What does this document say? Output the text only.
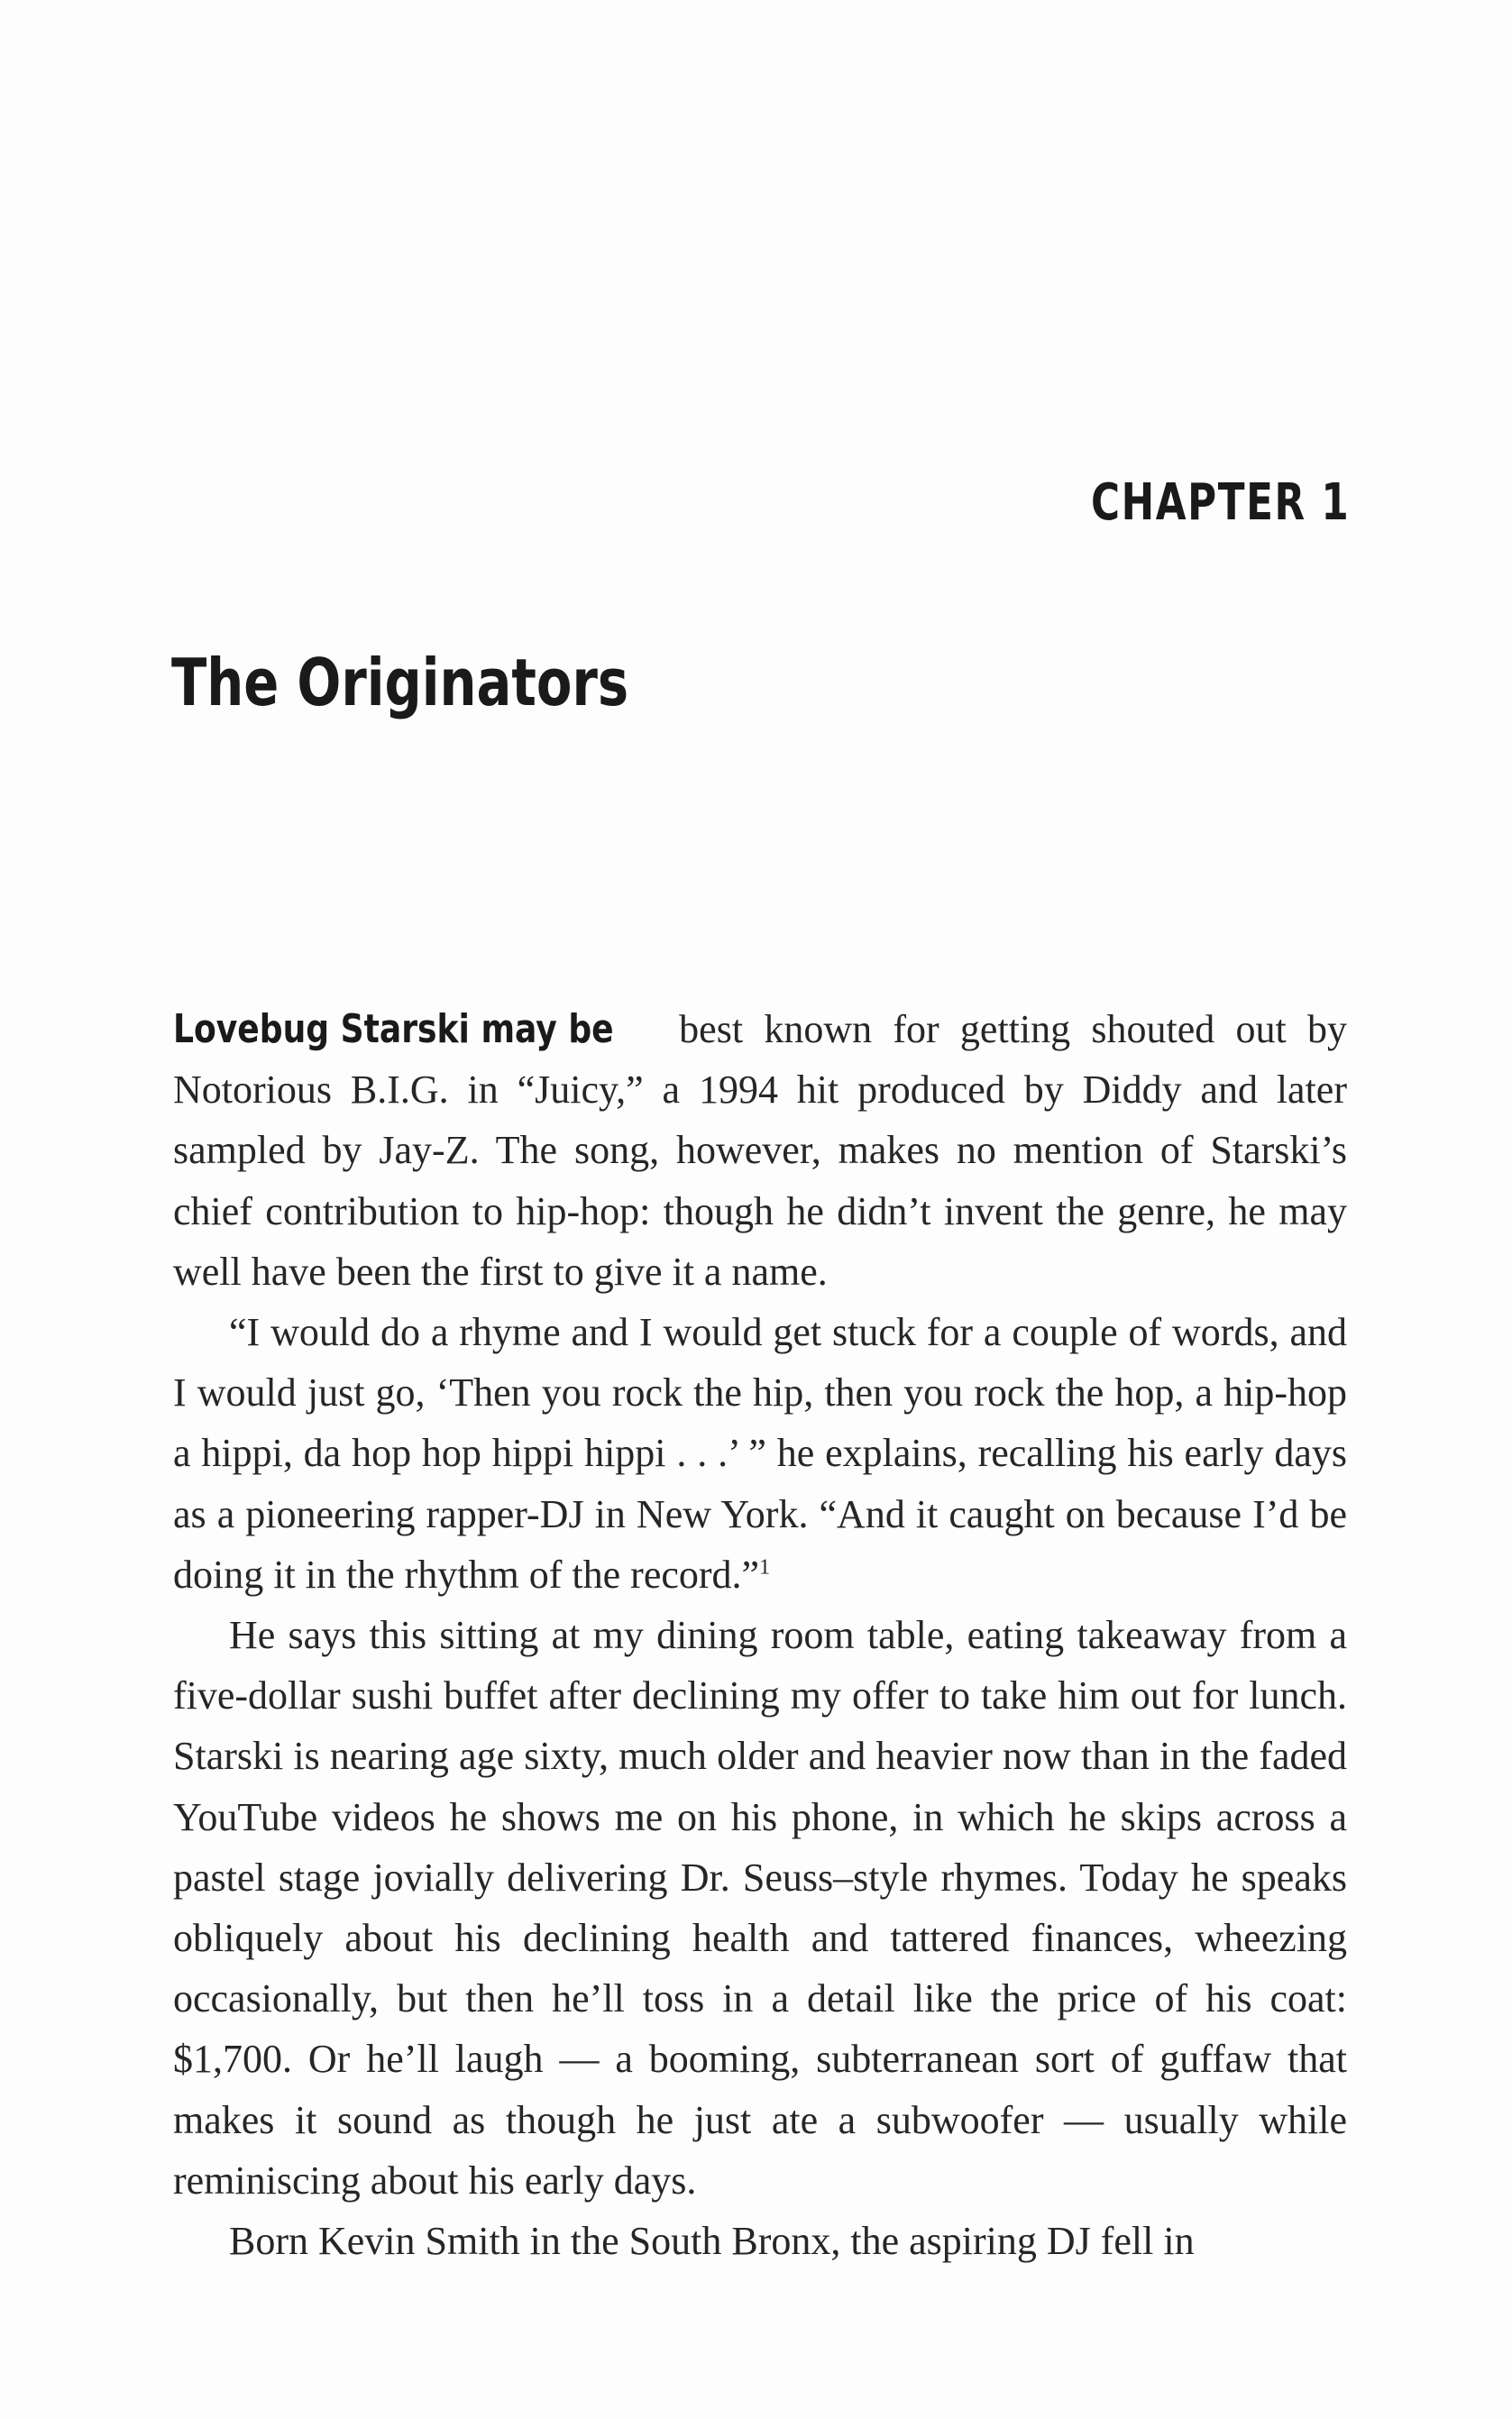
CHAPTER 1
The Originators

Lovebug Starski may be best known for getting shouted out by Notorious B.I.G. in “Juicy,” a 1994 hit produced by Diddy and later sampled by Jay-Z. The song, however, makes no mention of Starski’s chief contribution to hip-hop: though he didn’t invent the genre, he may well have been the first to give it a name.

“I would do a rhyme and I would get stuck for a couple of words, and I would just go, ‘Then you rock the hip, then you rock the hop, a hip-hop a hippi, da hop hop hippi hippi . . .’ ” he explains, recalling his early days as a pioneering rapper-DJ in New York. “And it caught on because I’d be doing it in the rhythm of the record.”$^1$

He says this sitting at my dining room table, eating takeaway from a five-dollar sushi buffet after declining my offer to take him out for lunch. Starski is nearing age sixty, much older and heavier now than in the faded YouTube videos he shows me on his phone, in which he skips across a pastel stage jovially delivering Dr. Seuss–style rhymes. Today he speaks obliquely about his declining health and tattered finances, wheezing occasionally, but then he’ll toss in a detail like the price of his coat: $1,700. Or he’ll laugh — a booming, subterranean sort of guffaw that makes it sound as though he just ate a subwoofer — usually while reminiscing about his early days.

Born Kevin Smith in the South Bronx, the aspiring DJ fell in
